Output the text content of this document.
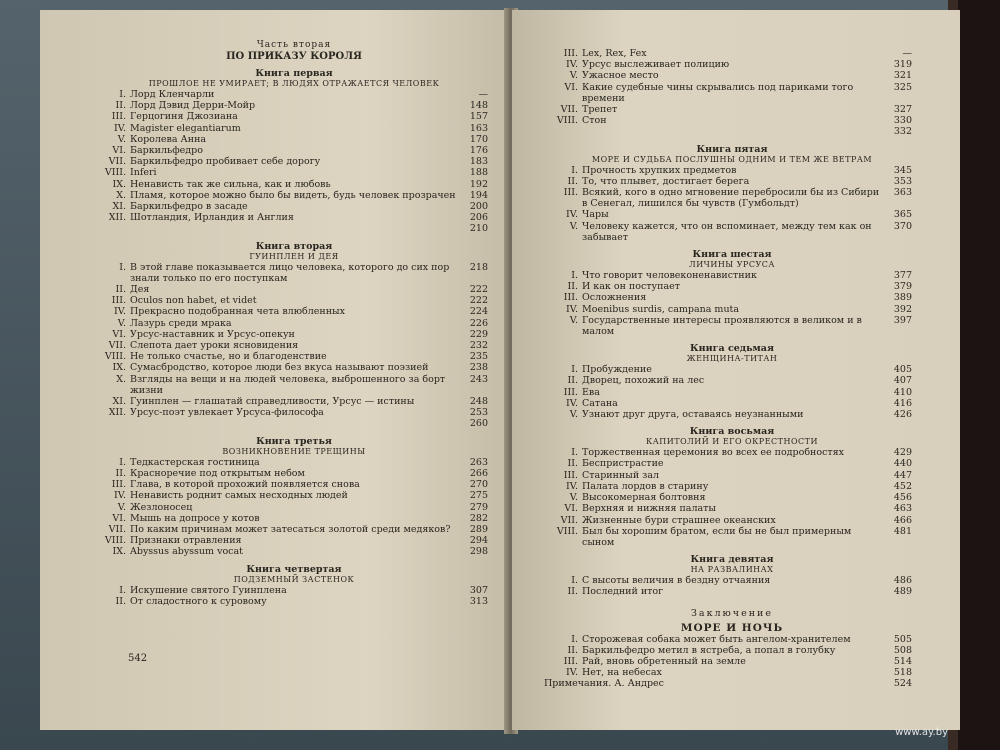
Часть вторая
ПО ПРИКАЗУ КОРОЛЯ
Книга первая
ПРОШЛОЕ НЕ УМИРАЕТ; В ЛЮДЯХ ОТРАЖАЕТСЯ ЧЕЛОВЕК
I. Лорд Кленчарли	—
II. Лорд Дэвид Дерри-Мойр	148
III. Герцогиня Джозиана	157
IV. Magister elegantiarum	163
V. Королева Анна	170
VI. Баркильфедро	176
VII. Баркильфедро пробивает себе дорогу	183
VIII. Inferi	188
IX. Ненависть так же сильна, как и любовь	192
X. Пламя, которое можно было бы видеть, будь человек прозрачен	194
XI. Баркильфедро в засаде	200
XII. Шотландия, Ирландия и Англия	206
210
Книга вторая
ГУИНПЛЕН И ДЕЯ
I. В этой главе показывается лицо человека, которого до сих пор знали только по его поступкам
218
II. Дея	222
III. Oculos non habet, et videt	222
IV. Прекрасно подобранная чета влюбленных	224
V. Лазурь среди мрака	226
VI. Урсус-наставник и Урсус-опекун	229
VII. Слепота дает уроки ясновидения	232
VIII. Не только счастье, но и благоденствие	235
IX. Сумасбродство, которое люди без вкуса называют поэзией	238
X. Взгляды на вещи и на людей человека, выброшенного за борт жизни
243
XI. Гуинплен — глашатай справедливости, Урсус — истины	248
XII. Урсус-поэт увлекает Урсуса-философа	253
260
Книга третья
ВОЗНИКНОВЕНИЕ ТРЕЩИНЫ
I. Тедкастерская гостиница	263
II. Красноречие под открытым небом	266
III. Глава, в которой прохожий появляется снова	270
IV. Ненависть роднит самых несходных людей	275
V. Жезлоносец	279
VI. Мышь на допросе у котов	282
VII. По каким причинам может затесаться золотой среди медяков?	289
VIII. Признаки отравления	294
IX. Abyssus abyssum vocat	298
Книга четвертая
ПОДЗЕМНЫЙ ЗАСТЕНОК
I. Искушение святого Гуинплена	307
II. От сладостного к суровому	313
542
III. Lex, Rex, Fex	—
IV. Урсус выслеживает полицию	319
V. Ужасное место	321
VI. Какие судебные чины скрывались под париками того времени
325
VII. Трепет	327
VIII. Стон	330
332
Книга пятая
МОРЕ И СУДЬБА ПОСЛУШНЫ ОДНИМ И ТЕМ ЖЕ ВЕТРАМ
I. Прочность хрупких предметов	345
II. То, что плывет, достигает берега	353
III. Всякий, кого в одно мгновение перебросили бы из Сибири в Сенегал, лишился бы чувств (Гумбольдт)
363
IV. Чары	365
V. Человеку кажется, что он вспоминает, между тем как он забывает
370
Книга шестая
ЛИЧИНЫ УРСУСА
I. Что говорит человеконенавистник	377
II. И как он поступает	379
III. Осложнения	389
IV. Moenibus surdis, campana muta	392
V. Государственные интересы проявляются в великом и в малом
397
Книга седьмая
ЖЕНЩИНА-ТИТАН
I. Пробуждение	405
II. Дворец, похожий на лес	407
III. Ева	410
IV. Сатана	416
V. Узнают друг друга, оставаясь неузнанными	426
Книга восьмая
КАПИТОЛИЙ И ЕГО ОКРЕСТНОСТИ
I. Торжественная церемония во всех ее подробностях	429
II. Беспристрастие	440
III. Старинный зал	447
IV. Палата лордов в старину	452
V. Высокомерная болтовня	456
VI. Верхняя и нижняя палаты	463
VII. Жизненные бури страшнее океанских	466
VIII. Был бы хорошим братом, если бы не был примерным сыном
481
Книга девятая
НА РАЗВАЛИНАХ
I. С высоты величия в бездну отчаяния	486
II. Последний итог	489
Заключение
МОРЕ И НОЧЬ
I. Сторожевая собака может быть ангелом-хранителем	505
II. Баркильфедро метил в ястреба, а попал в голубку	508
III. Рай, вновь обретенный на земле	514
IV. Нет, на небесах	518
Примечания. А. Андрес	524
www.ay.by
